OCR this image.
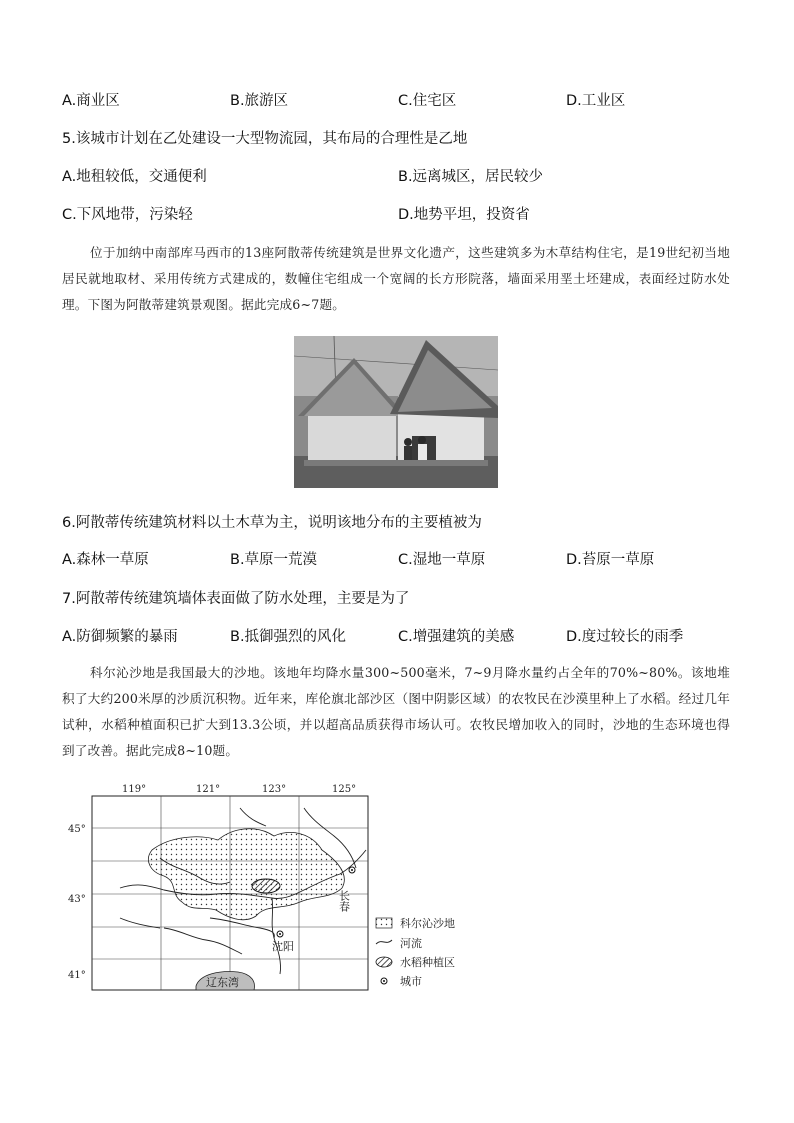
A.商业区	B.旅游区	C.住宅区	D.工业区
5.该城市计划在乙处建设一大型物流园，其布局的合理性是乙地
A.地租较低，交通便利	B.远离城区，居民较少
C.下风地带，污染轻	D.地势平坦，投资省
位于加纳中南部库马西市的13座阿散蒂传统建筑是世界文化遗产，这些建筑多为木草结构住宅，是19世纪初当地居民就地取材、采用传统方式建成的，数幢住宅组成一个宽阔的长方形院落，墙面采用垩土坯建成，表面经过防水处理。下图为阿散蒂建筑景观图。据此完成6~7题。
6.阿散蒂传统建筑材料以土木草为主，说明该地分布的主要植被为
A.森林一草原	B.草原一荒漠	C.湿地一草原	D.苔原一草原
7.阿散蒂传统建筑墙体表面做了防水处理，主要是为了
A.防御频繁的暴雨	B.抵御强烈的风化	C.增强建筑的美感	D.度过较长的雨季
科尔沁沙地是我国最大的沙地。该地年均降水量300~500毫米，7~9月降水量约占全年的70%~80%。该地堆积了大约200米厚的沙质沉积物。近年来，库伦旗北部沙区（图中阴影区域）的农牧民在沙漠里种上了水稻。经过几年试种，水稻种植面积已扩大到13.3公顷，并以超高品质获得市场认可。农牧民增加收入的同时，沙地的生态环境也得到了改善。据此完成8~10题。
辽东湾
长春
沈阳
119°	121°	123°	125°
45°
43°
41°
科尔沁沙地
河流
水稻种植区
城市
